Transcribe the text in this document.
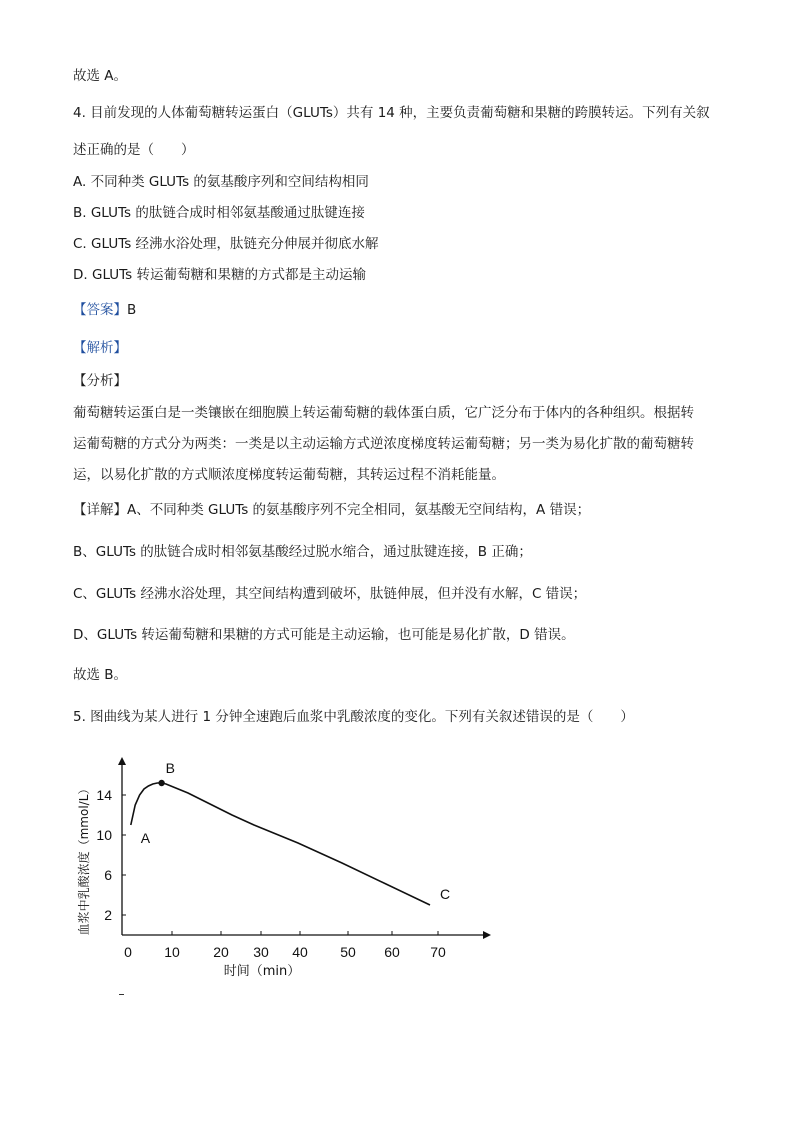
故选 A。
4. 目前发现的人体葡萄糖转运蛋白（GLUTs）共有 14 种，主要负责葡萄糖和果糖的跨膜转运。下列有关叙
述正确的是（　　）
A. 不同种类 GLUTs 的氨基酸序列和空间结构相同
B. GLUTs 的肽链合成时相邻氨基酸通过肽键连接
C. GLUTs 经沸水浴处理，肽链充分伸展并彻底水解
D. GLUTs 转运葡萄糖和果糖的方式都是主动运输
【答案】B
【解析】
【分析】
葡萄糖转运蛋白是一类镶嵌在细胞膜上转运葡萄糖的载体蛋白质，它广泛分布于体内的各种组织。根据转
运葡萄糖的方式分为两类：一类是以主动运输方式逆浓度梯度转运葡萄糖；另一类为易化扩散的葡萄糖转
运，以易化扩散的方式顺浓度梯度转运葡萄糖，其转运过程不消耗能量。
【详解】A、不同种类 GLUTs 的氨基酸序列不完全相同，氨基酸无空间结构，A 错误；
B、GLUTs 的肽链合成时相邻氨基酸经过脱水缩合，通过肽键连接，B 正确；
C、GLUTs 经沸水浴处理，其空间结构遭到破坏，肽链伸展，但并没有水解，C 错误；
D、GLUTs 转运葡萄糖和果糖的方式可能是主动运输，也可能是易化扩散，D 错误。
故选 B。
5. 图曲线为某人进行 1 分钟全速跑后血浆中乳酸浓度的变化。下列有关叙述错误的是（　　）
2
6
10
14
0 10 20 30 40 50 60 70
A
B
C
时间（min）
血浆中乳酸浓度（mmol/L）
